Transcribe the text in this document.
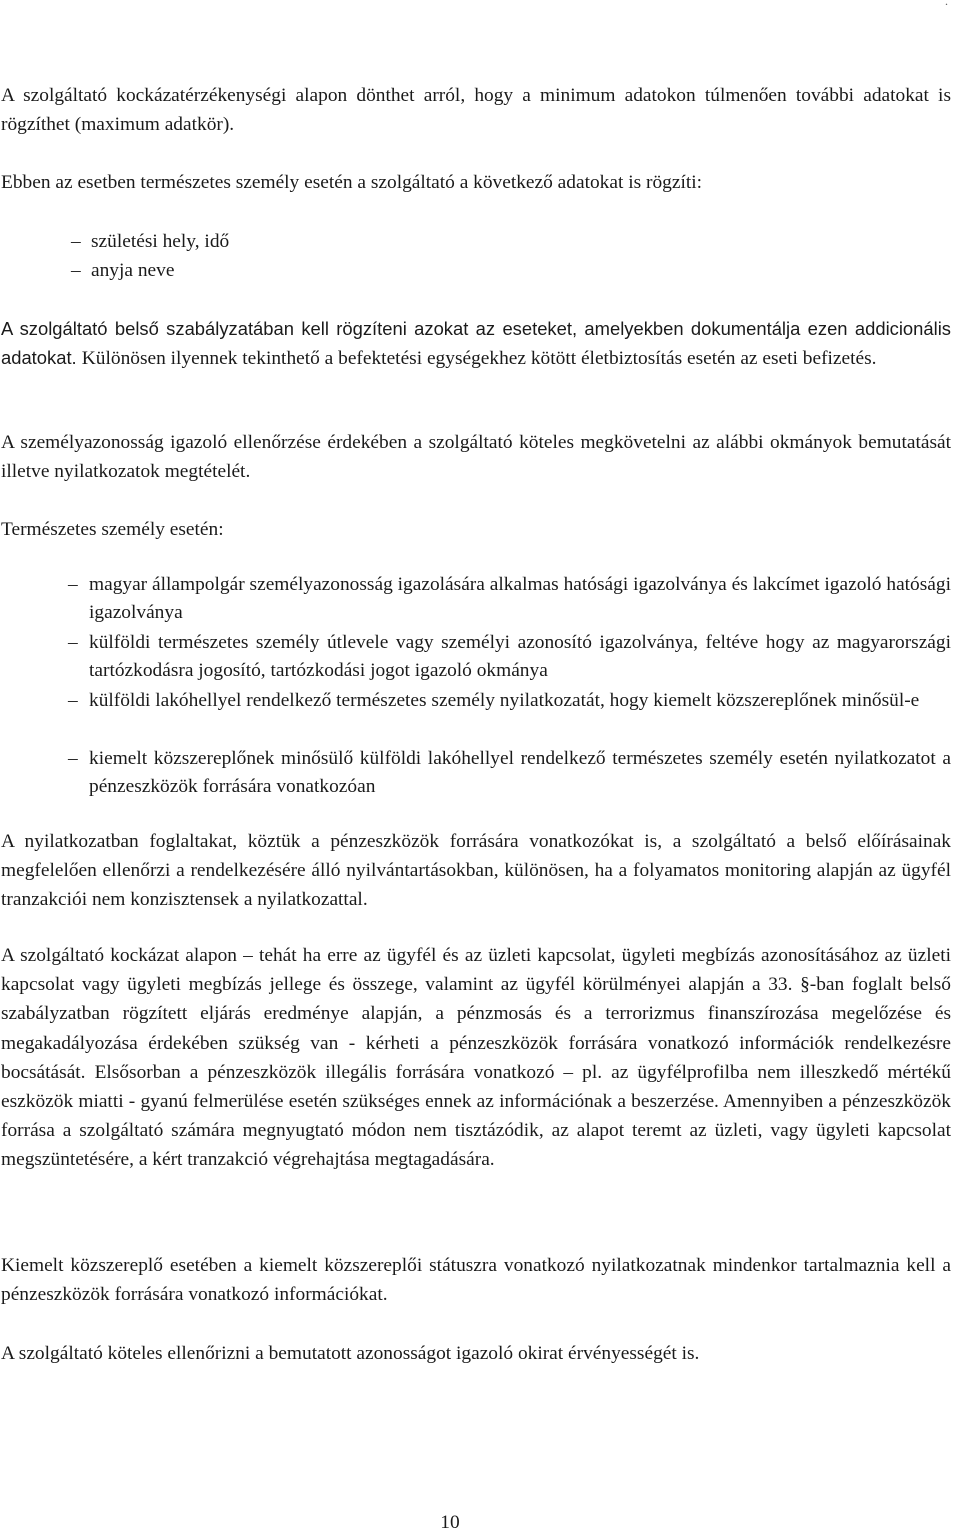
.

A szolgáltató kockázatérzékenységi alapon dönthet arról, hogy a minimum adatokon túlmenően további adatokat is rögzíthet (maximum adatkör).

Ebben az esetben természetes személy esetén a szolgáltató a következő adatokat is rögzíti:

– születési hely, idő
– anyja neve

A szolgáltató belső szabályzatában kell rögzíteni azokat az eseteket, amelyekben dokumentálja ezen addicionális adatokat. Különösen ilyennek tekinthető a befektetési egységekhez kötött életbiztosítás esetén az eseti befizetés.

A személyazonosság igazoló ellenőrzése érdekében a szolgáltató köteles megkövetelni az alábbi okmányok bemutatását illetve nyilatkozatok megtételét.

Természetes személy esetén:

– magyar állampolgár személyazonosság igazolására alkalmas hatósági igazolványa és lakcímet igazoló hatósági igazolványa
– külföldi természetes személy útlevele vagy személyi azonosító igazolványa, feltéve hogy az magyarországi tartózkodásra jogosító, tartózkodási jogot igazoló okmánya
– külföldi lakóhellyel rendelkező természetes személy nyilatkozatát, hogy kiemelt közszereplőnek minősül-e
– kiemelt közszereplőnek minősülő külföldi lakóhellyel rendelkező természetes személy esetén nyilatkozatot a pénzeszközök forrására vonatkozóan

A nyilatkozatban foglaltakat, köztük a pénzeszközök forrására vonatkozókat is, a szolgáltató a belső előírásainak megfelelően ellenőrzi a rendelkezésére álló nyilvántartásokban, különösen, ha a folyamatos monitoring alapján az ügyfél tranzakciói nem konzisztensek a nyilatkozattal.

A szolgáltató kockázat alapon – tehát ha erre az ügyfél és az üzleti kapcsolat, ügyleti megbízás azonosításához az üzleti kapcsolat vagy ügyleti megbízás jellege és összege, valamint az ügyfél körülményei alapján a 33. §-ban foglalt belső szabályzatban rögzített eljárás eredménye alapján, a pénzmosás és a terrorizmus finanszírozása megelőzése és megakadályozása érdekében szükség van - kérheti a pénzeszközök forrására vonatkozó információk rendelkezésre bocsátását. Elsősorban a pénzeszközök illegális forrására vonatkozó – pl. az ügyfélprofilba nem illeszkedő mértékű eszközök miatti - gyanú felmerülése esetén szükséges ennek az információnak a beszerzése. Amennyiben a pénzeszközök forrása a szolgáltató számára megnyugtató módon nem tisztázódik, az alapot teremt az üzleti, vagy ügyleti kapcsolat megszüntetésére, a kért tranzakció végrehajtása megtagadására.

Kiemelt közszereplő esetében a kiemelt közszereplői státuszra vonatkozó nyilatkozatnak mindenkor tartalmaznia kell a pénzeszközök forrására vonatkozó információkat.

A szolgáltató köteles ellenőrizni a bemutatott azonosságot igazoló okirat érvényességét is.

10
